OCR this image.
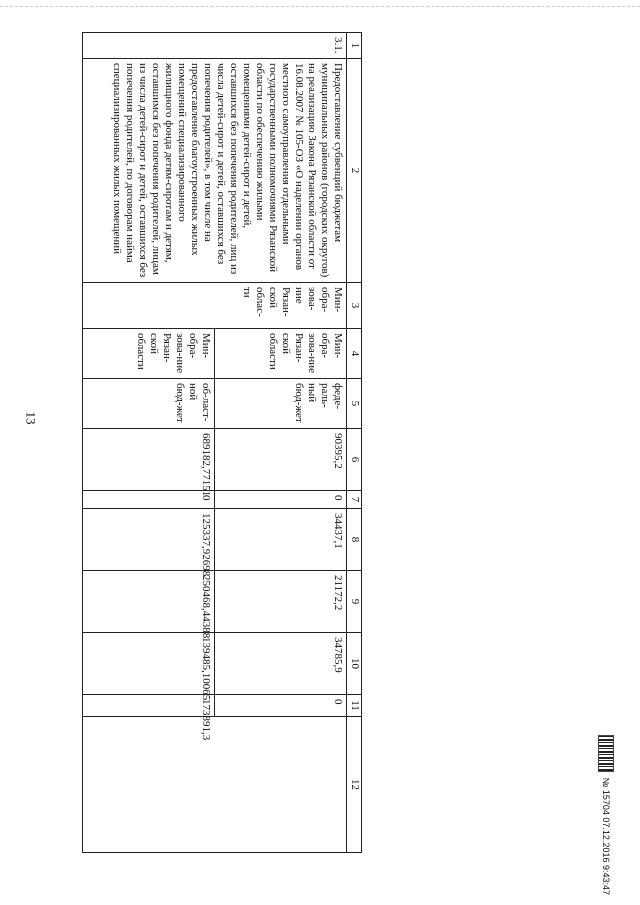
13
1	2	3	4	5	6	7	8	9	10	11	12
3.1.	Предоставление субвенций бюджетам муниципальных районов (городских округов) на реализацию Закона Рязанской области от 16.08.2007 № 105-ОЗ «О наделении органов местного самоуправления отдельными государственными полномочиями Рязанской области по обеспечению жилыми помещениями детей-сирот и детей, оставшихся без попечения родителей, лиц из числа детей-сирот и детей, оставшихся без попечения родителей», в том числе на предоставление благоустроенных жилых помещений специализированного жилищного фонда детям-сиротам и детям, оставшимся без попечения родителей, лицам из числа детей-сирот и детей, оставшихся без попечения родителей, по договорам найма специализированных жилых помещений	Мин-обра-зова-ние Рязан-ской облас-ти	Мин-обра-зова-ние Рязан-ской области	феде-раль-ный бюд-жет	90395,2	0	34437,1	21172,2	34785,9	0	
			Мин-обра-зова-ние Рязан-ской области	об-ласт-ной бюд-жет	689182,77151	0	125337,92698	250468,44388	139485,10065	173891,3	
№ 15704 07.12.2016 9:43:47
